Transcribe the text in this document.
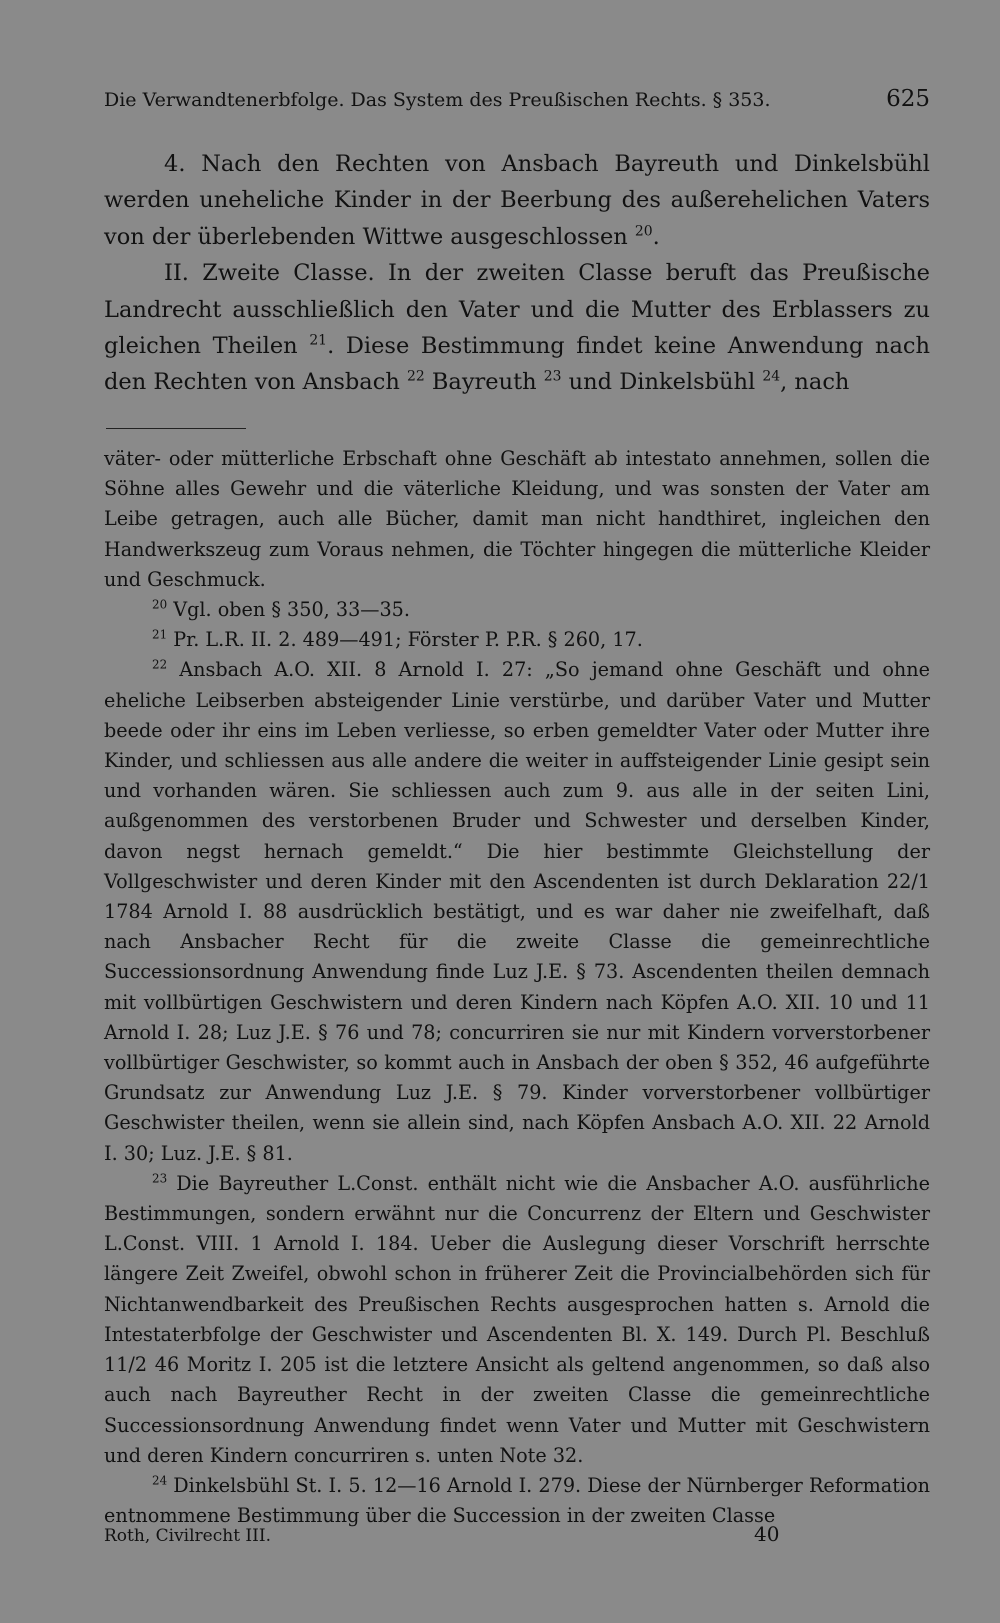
Die Verwandtenerbfolge. Das System des Preußischen Rechts. § 353.	625

4. Nach den Rechten von Ansbach Bayreuth und Dinkelsbühl werden uneheliche Kinder in der Beerbung des außerehelichen Vaters von der überlebenden Wittwe ausgeschlossen $^{20}$.

II. Zweite Classe. In der zweiten Classe beruft das Preußische Landrecht ausschließlich den Vater und die Mutter des Erblassers zu gleichen Theilen $^{21}$. Diese Bestimmung findet keine Anwendung nach den Rechten von Ansbach $^{22}$ Bayreuth $^{23}$ und Dinkelsbühl $^{24}$, nach

väter- oder mütterliche Erbschaft ohne Geschäft ab intestato annehmen, sollen die Söhne alles Gewehr und die väterliche Kleidung, und was sonsten der Vater am Leibe getragen, auch alle Bücher, damit man nicht handthiret, ingleichen den Handwerkszeug zum Voraus nehmen, die Töchter hingegen die mütterliche Kleider und Geschmuck.

$^{20}$ Vgl. oben § 350, 33—35.

$^{21}$ Pr. L.R. II. 2. 489—491; Förster P. P.R. § 260, 17.

$^{22}$ Ansbach A.O. XII. 8 Arnold I. 27: „So jemand ohne Geschäft und ohne eheliche Leibserben absteigender Linie verstürbe, und darüber Vater und Mutter beede oder ihr eins im Leben verliesse, so erben gemeldter Vater oder Mutter ihre Kinder, und schliessen aus alle andere die weiter in auffsteigender Linie gesipt sein und vorhanden wären. Sie schliessen auch zum 9. aus alle in der seiten Lini, außgenommen des verstorbenen Bruder und Schwester und derselben Kinder, davon negst hernach gemeldt.“ Die hier bestimmte Gleichstellung der Vollgeschwister und deren Kinder mit den Ascendenten ist durch Deklaration 22/1 1784 Arnold I. 88 ausdrücklich bestätigt, und es war daher nie zweifelhaft, daß nach Ansbacher Recht für die zweite Classe die gemeinrechtliche Successionsordnung Anwendung finde Luz J.E. § 73. Ascendenten theilen demnach mit vollbürtigen Geschwistern und deren Kindern nach Köpfen A.O. XII. 10 und 11 Arnold I. 28; Luz J.E. § 76 und 78; concurriren sie nur mit Kindern vorverstorbener vollbürtiger Geschwister, so kommt auch in Ansbach der oben § 352, 46 aufgeführte Grundsatz zur Anwendung Luz J.E. § 79. Kinder vorverstorbener vollbürtiger Geschwister theilen, wenn sie allein sind, nach Köpfen Ansbach A.O. XII. 22 Arnold I. 30; Luz. J.E. § 81.

$^{23}$ Die Bayreuther L.Const. enthält nicht wie die Ansbacher A.O. ausführliche Bestimmungen, sondern erwähnt nur die Concurrenz der Eltern und Geschwister L.Const. VIII. 1 Arnold I. 184. Ueber die Auslegung dieser Vorschrift herrschte längere Zeit Zweifel, obwohl schon in früherer Zeit die Provincialbehörden sich für Nichtanwendbarkeit des Preußischen Rechts ausgesprochen hatten s. Arnold die Intestaterbfolge der Geschwister und Ascendenten Bl. X. 149. Durch Pl. Beschluß 11/2 46 Moritz I. 205 ist die letztere Ansicht als geltend angenommen, so daß also auch nach Bayreuther Recht in der zweiten Classe die gemeinrechtliche Successionsordnung Anwendung findet wenn Vater und Mutter mit Geschwistern und deren Kindern concurriren s. unten Note 32.

$^{24}$ Dinkelsbühl St. I. 5. 12—16 Arnold I. 279. Diese der Nürnberger Reformation entnommene Bestimmung über die Succession in der zweiten Classe

Roth, Civilrecht III.	40
